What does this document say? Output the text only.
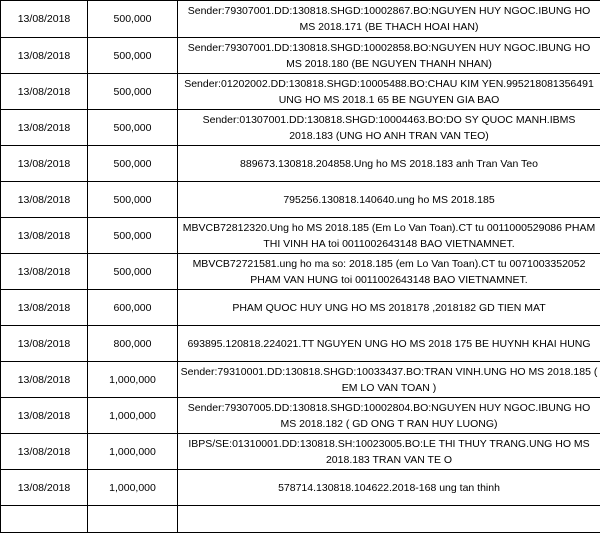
13/08/2018	500,000	Sender:79307001.DD:130818.SHGD:10002867.BO:NGUYEN HUY NGOC.IBUNG HO MS 2018.171 (BE THACH HOAI HAN)
13/08/2018	500,000	Sender:79307001.DD:130818.SHGD:10002858.BO:NGUYEN HUY NGOC.IBUNG HO MS 2018.180 (BE NGUYEN THANH NHAN)
13/08/2018	500,000	Sender:01202002.DD:130818.SHGD:10005488.BO:CHAU KIM YEN.995218081356491 UNG HO MS 2018.1 65 BE NGUYEN GIA BAO
13/08/2018	500,000	Sender:01307001.DD:130818.SHGD:10004463.BO:DO SY QUOC MANH.IBMS 2018.183 (UNG HO ANH TRAN VAN TEO)
13/08/2018	500,000	889673.130818.204858.Ung ho MS 2018.183 anh Tran Van Teo
13/08/2018	500,000	795256.130818.140640.ung ho MS 2018.185
13/08/2018	500,000	MBVCB72812320.Ung ho MS 2018.185 (Em Lo Van Toan).CT tu 0011000529086 PHAM THI VINH HA toi 0011002643148 BAO VIETNAMNET.
13/08/2018	500,000	MBVCB72721581.ung ho ma so: 2018.185 (em Lo Van Toan).CT tu 0071003352052 PHAM VAN HUNG toi 0011002643148 BAO VIETNAMNET.
13/08/2018	600,000	PHAM QUOC HUY UNG HO MS 2018178 ,2018182 GD TIEN MAT
13/08/2018	800,000	693895.120818.224021.TT NGUYEN UNG HO MS 2018 175 BE HUYNH KHAI HUNG
13/08/2018	1,000,000	Sender:79310001.DD:130818.SHGD:10033437.BO:TRAN VINH.UNG HO MS 2018.185 ( EM LO VAN TOAN )
13/08/2018	1,000,000	Sender:79307005.DD:130818.SHGD:10002804.BO:NGUYEN HUY NGOC.IBUNG HO MS 2018.182 ( GD ONG T RAN HUY LUONG)
13/08/2018	1,000,000	IBPS/SE:01310001.DD:130818.SH:10023005.BO:LE THI THUY TRANG.UNG HO MS 2018.183 TRAN VAN TE O
13/08/2018	1,000,000	578714.130818.104622.2018-168 ung tan thinh
